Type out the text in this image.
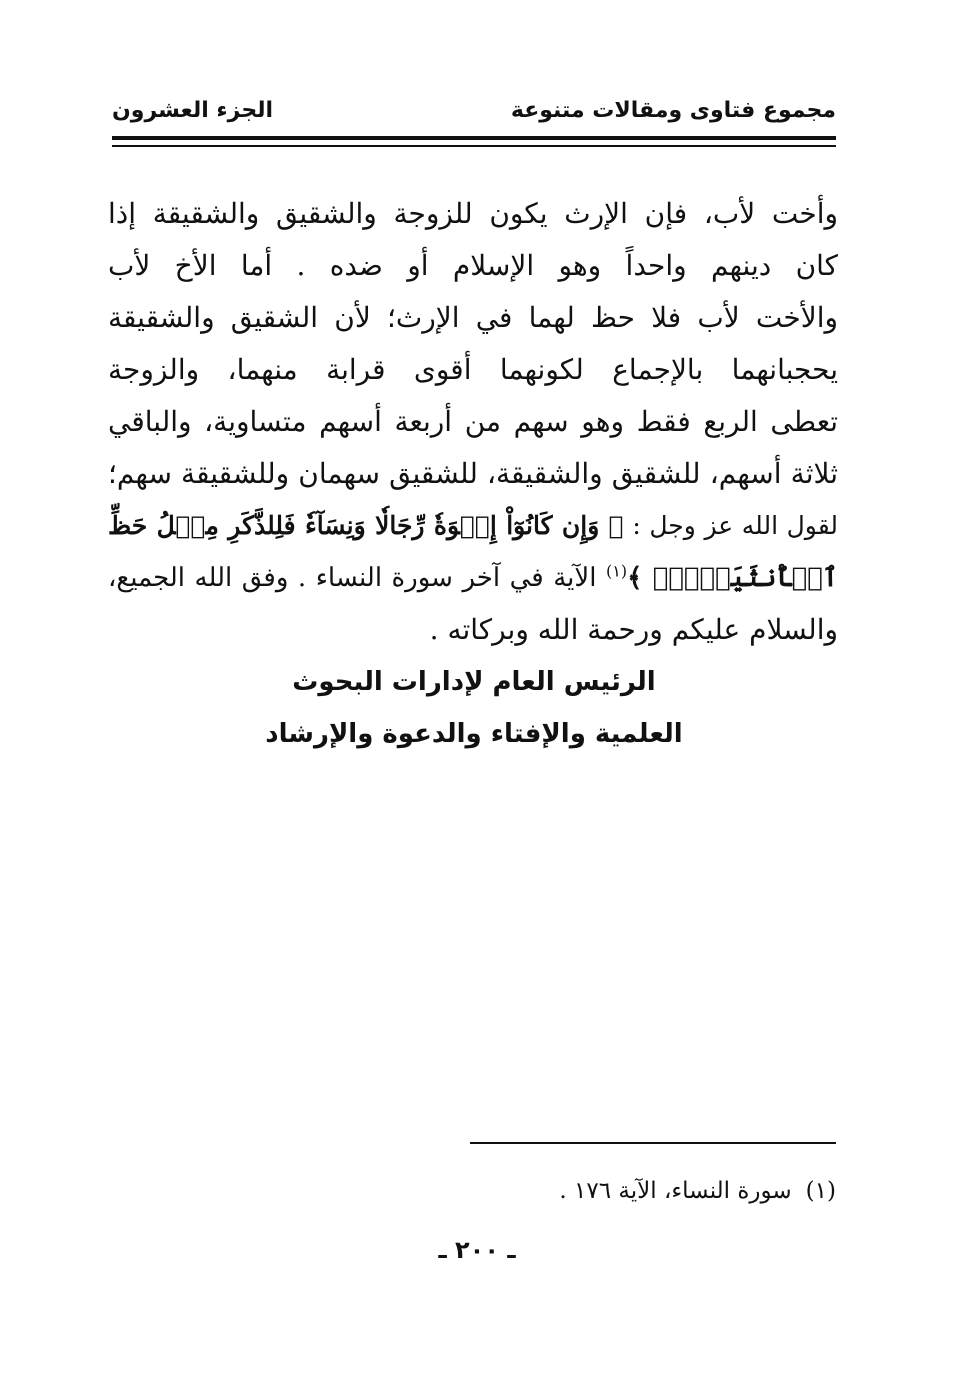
مجموع فتاوى ومقالات متنوعة
الجزء العشرون
وأخت لأب، فإن الإرث يكون للزوجة والشقيق والشقيقة إذا
كان دينهم واحداً وهو الإسلام أو ضده . أما الأخ لأب
والأخت لأب فلا حظ لهما في الإرث؛ لأن الشقيق والشقيقة
يحجبانهما بالإجماع لكونهما أقوى قرابة منهما، والزوجة
تعطى الربع فقط وهو سهم من أربعة أسهم متساوية، والباقي
ثلاثة أسهم، للشقيق والشقيقة، للشقيق سهمان وللشقيقة سهم؛
لقول الله عز وجل : ﴿ وَإِن كَانُوٓاْ إِخۡوَةٗ رِّجَالٗا وَنِسَآءٗ فَلِلذَّكَرِ مِثۡلُ حَظِّ
ٱلۡأُنثَيَيۡنِۗ ﴾$^{(١)}$ الآية في آخر سورة النساء . وفق الله الجميع،
والسلام عليكم ورحمة الله وبركاته .
الرئيس العام لإدارات البحوث
العلمية والإفتاء والدعوة والإرشاد
(١)سورة النساء، الآية ١٧٦ .
ـ ٢٠٠ ـ
